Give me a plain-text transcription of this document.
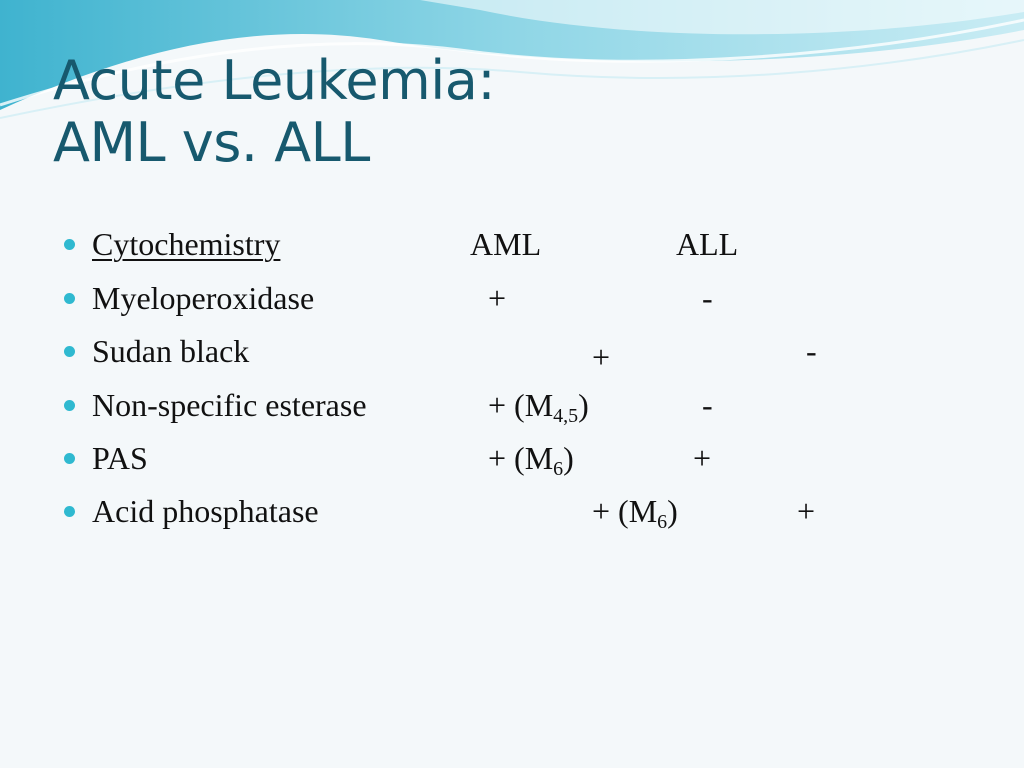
Acute Leukemia:
AML vs. ALL
Cytochemistry	AML	ALL
Myeloperoxidase	+	-
Sudan black	+	-
Non-specific esterase	+ $(M_{4,5})$	-
PAS	+ $(M_6)$	+
Acid phosphatase	+ $(M_6)$	+
